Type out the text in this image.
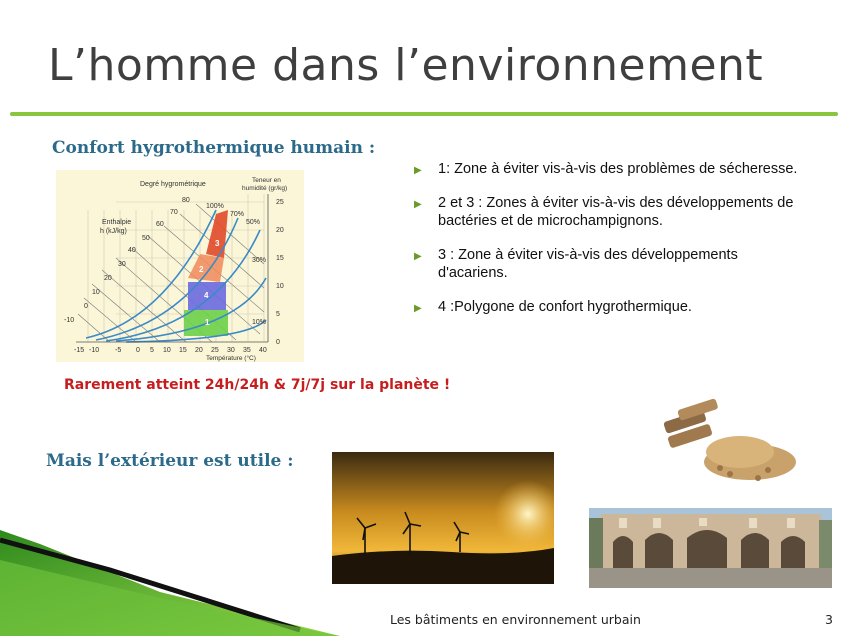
L’homme dans l’environnement
Confort hygrothermique humain :
Degré hygrométrique
Teneur en
humidité (gr/kg)
Enthalpie
h (kJ/kg)
Température (°C)
-15 -10 -5 0 5 10 15 20 25 30 35 40
25
20
15
10
5
0
80
70
60
50
40
30
20
10
0
-10
100%
70%
50%
30%
10%
3
2
4
1
▶ 1: Zone à éviter vis-à-vis des problèmes de sécheresse.
▶ 2 et 3 : Zones à éviter vis-à-vis des développements de bactéries et de microchampignons.
▶ 3 : Zone à éviter vis-à-vis des développements d'acariens.
▶ 4 :Polygone de confort hygrothermique.
Rarement atteint 24h/24h & 7j/7j sur la planète !
Mais l’extérieur est utile :
Les bâtiments en environnement urbain	3
